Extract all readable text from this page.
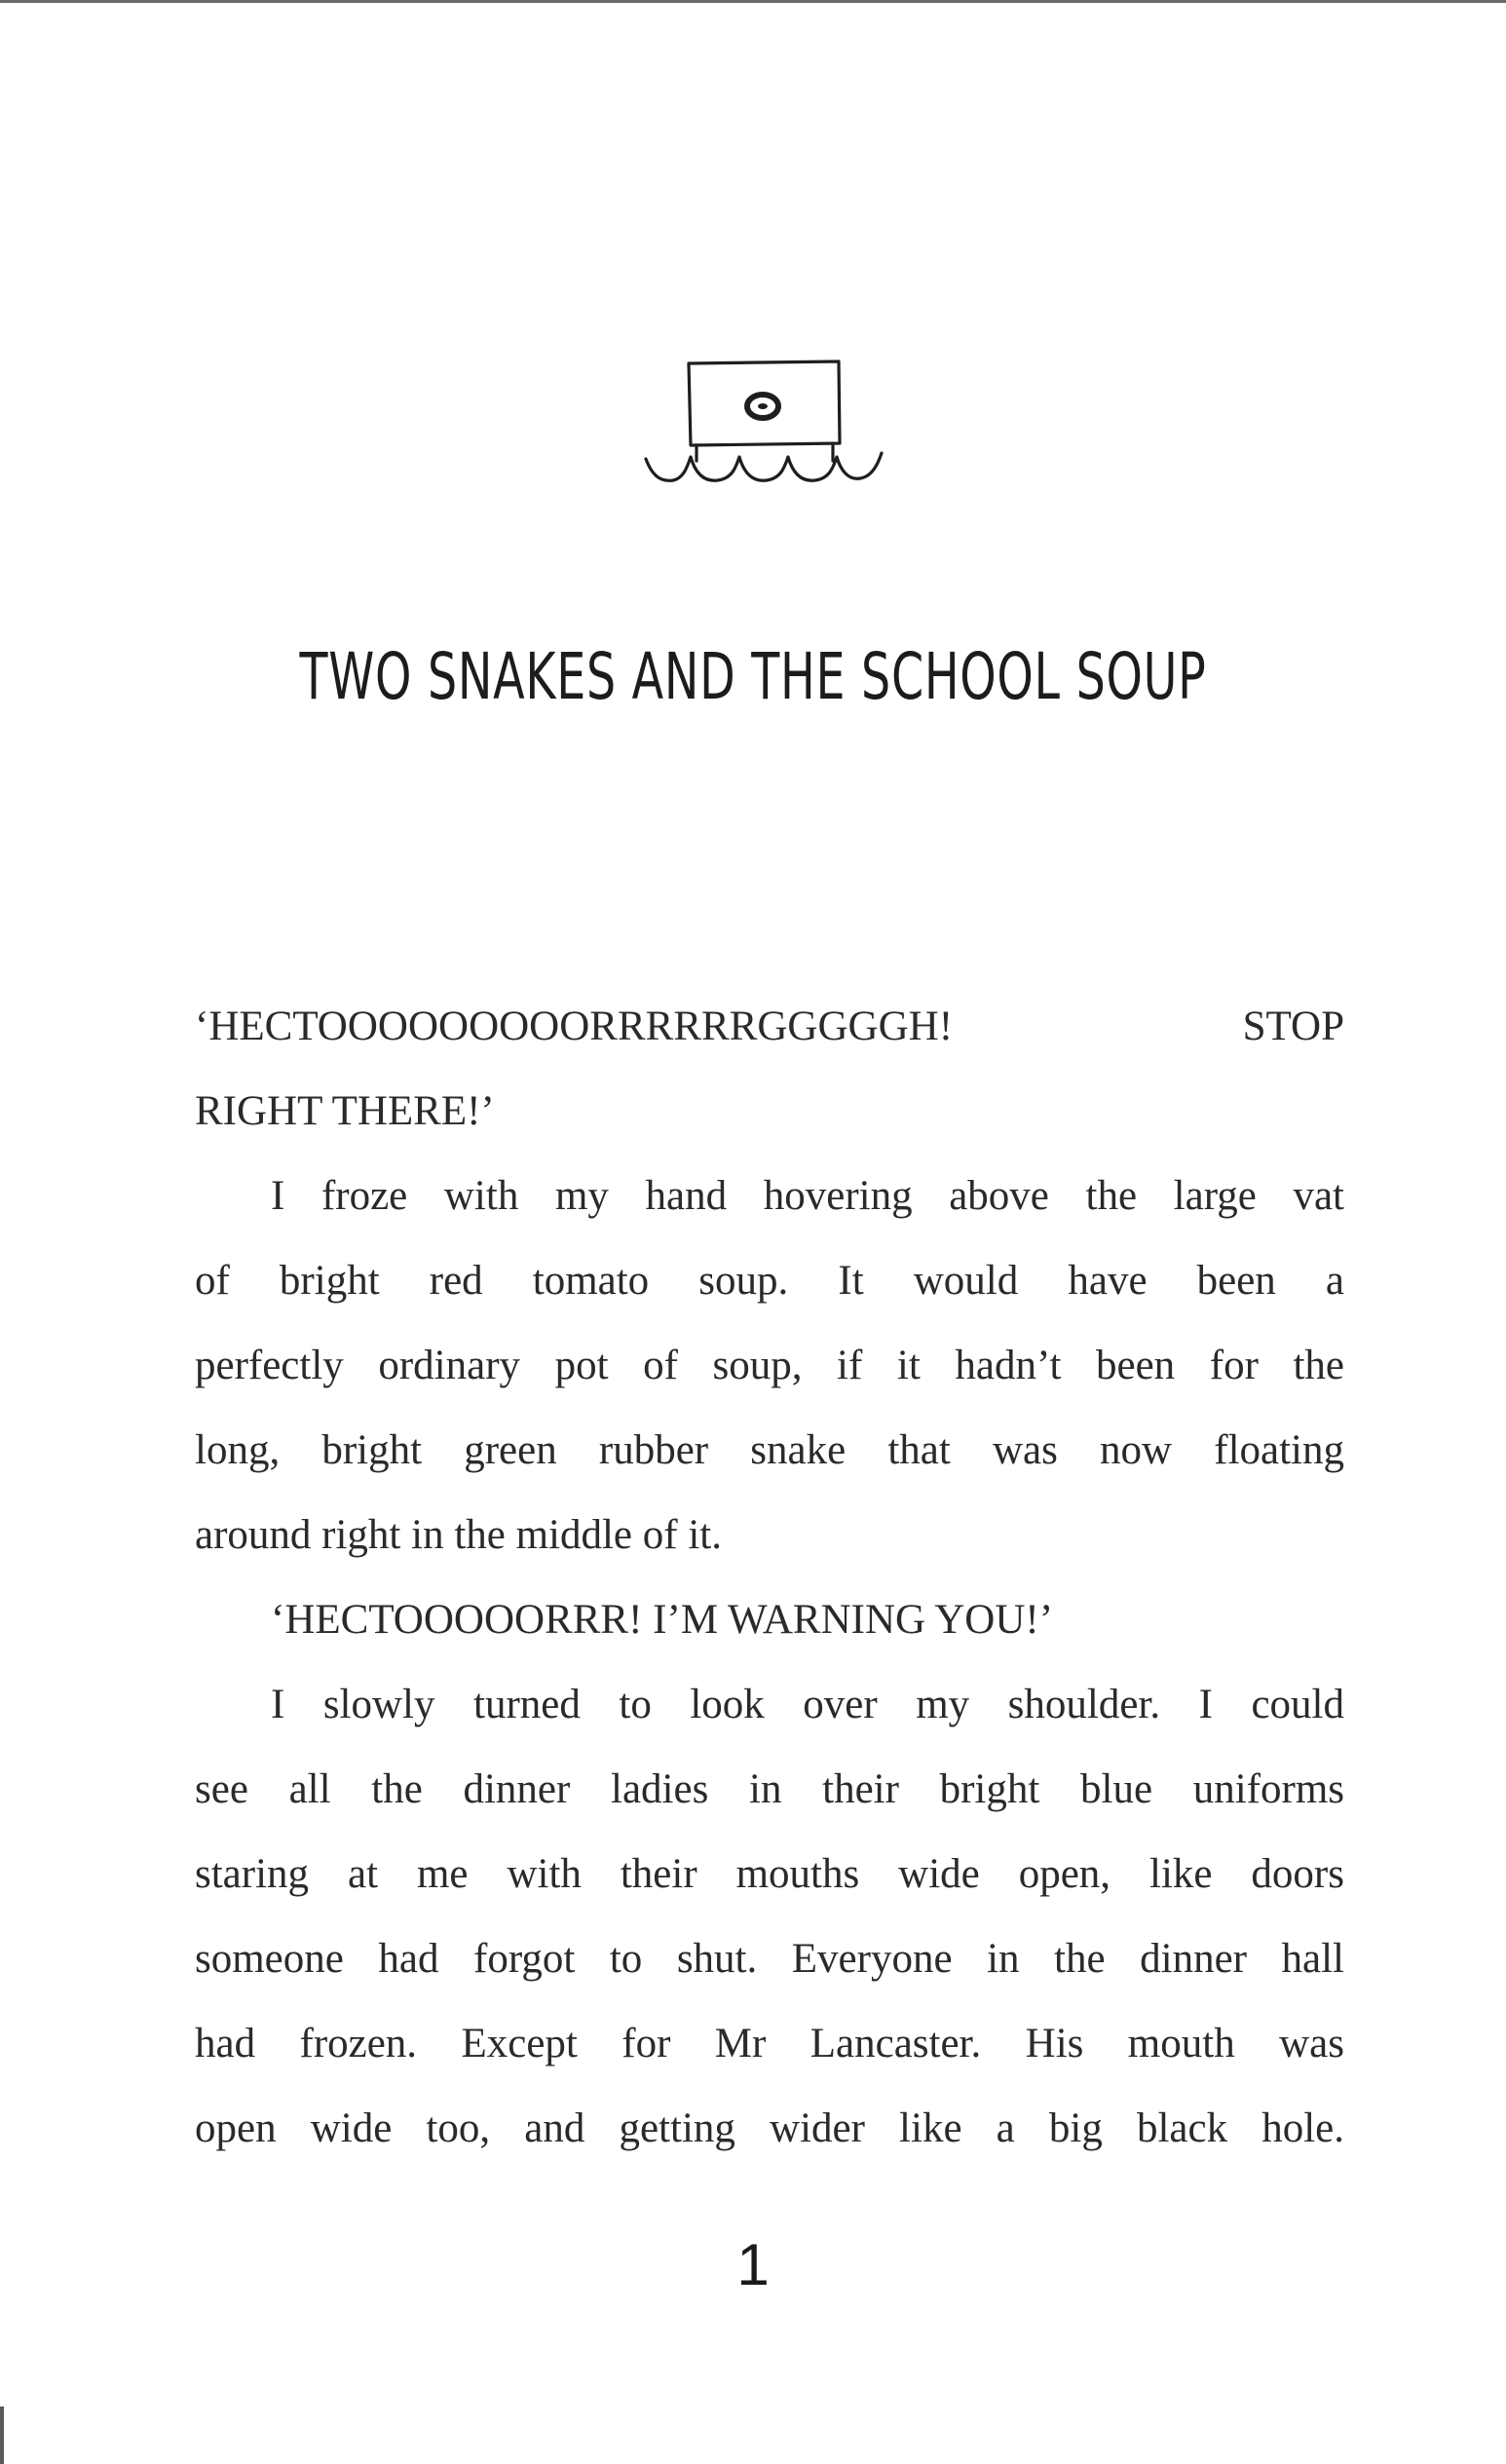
TWO SNAKES AND THE SCHOOL SOUP
‘HECTOOOOOOOOORRRRRRGGGGGH! STOP
RIGHT THERE!’
I froze with my hand hovering above the large vat
of bright red tomato soup. It would have been a
perfectly ordinary pot of soup, if it hadn’t been for the
long, bright green rubber snake that was now floating
around right in the middle of it.
‘HECTOOOOORRR! I’M WARNING YOU!’
I slowly turned to look over my shoulder. I could
see all the dinner ladies in their bright blue uniforms
staring at me with their mouths wide open, like doors
someone had forgot to shut. Everyone in the dinner hall
had frozen. Except for Mr Lancaster. His mouth was
open wide too, and getting wider like a big black hole.
1
